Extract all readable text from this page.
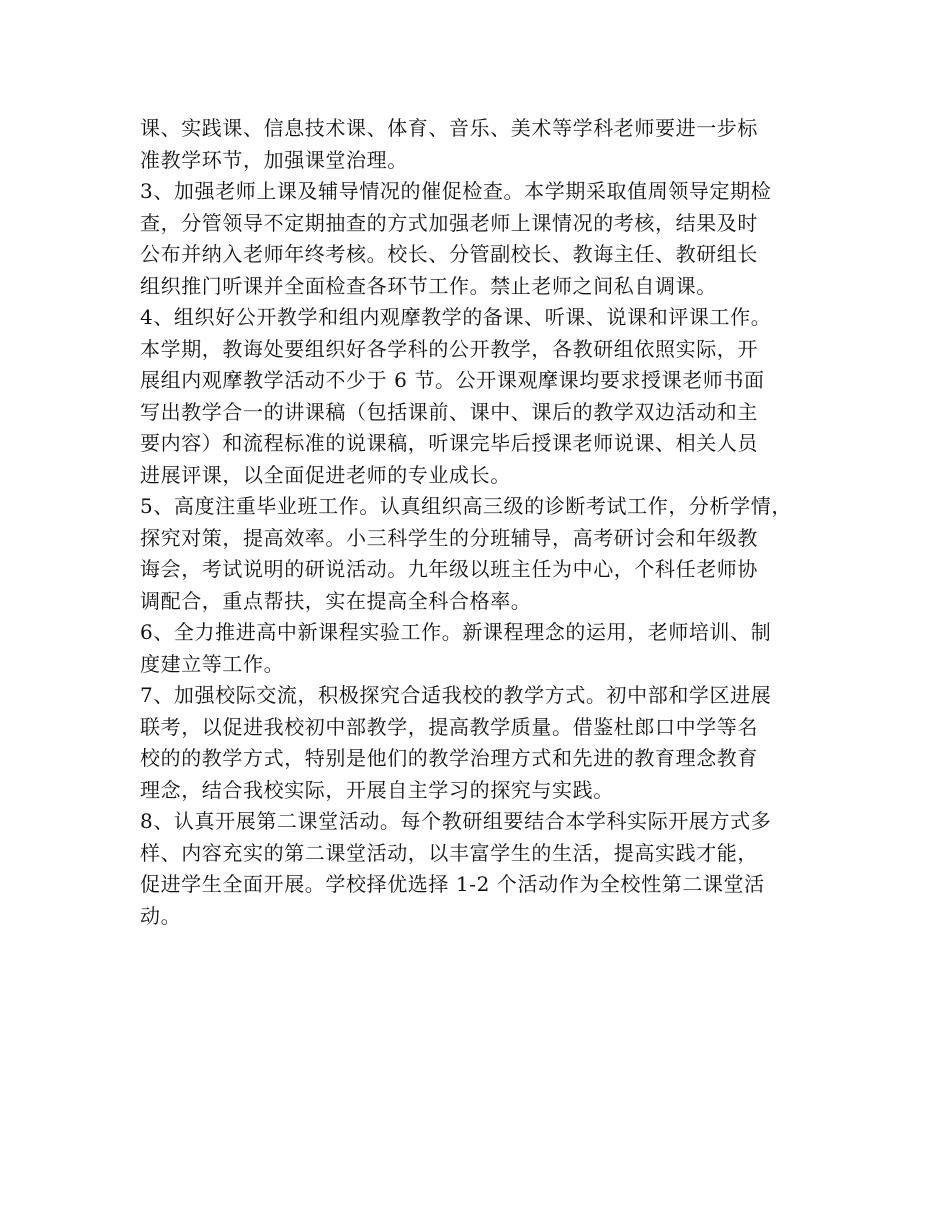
课、实践课、信息技术课、体育、音乐、美术等学科老师要进一步标
准教学环节，加强课堂治理。

3、加强老师上课及辅导情况的催促检查。本学期采取值周领导定期检
查，分管领导不定期抽查的方式加强老师上课情况的考核，结果及时
公布并纳入老师年终考核。校长、分管副校长、教诲主任、教研组长
组织推门听课并全面检查各环节工作。禁止老师之间私自调课。

4、组织好公开教学和组内观摩教学的备课、听课、说课和评课工作。
本学期，教诲处要组织好各学科的公开教学，各教研组依照实际，开
展组内观摩教学活动不少于 6 节。公开课观摩课均要求授课老师书面
写出教学合一的讲课稿（包括课前、课中、课后的教学双边活动和主
要内容）和流程标准的说课稿，听课完毕后授课老师说课、相关人员
进展评课，以全面促进老师的专业成长。

5、高度注重毕业班工作。认真组织高三级的诊断考试工作，分析学情，
探究对策，提高效率。小三科学生的分班辅导，高考研讨会和年级教
诲会，考试说明的研说活动。九年级以班主任为中心，个科任老师协
调配合，重点帮扶，实在提高全科合格率。

6、全力推进高中新课程实验工作。新课程理念的运用，老师培训、制
度建立等工作。

7、加强校际交流，积极探究合适我校的教学方式。初中部和学区进展
联考，以促进我校初中部教学，提高教学质量。借鉴杜郎口中学等名
校的的教学方式，特别是他们的教学治理方式和先进的教育理念教育
理念，结合我校实际，开展自主学习的探究与实践。

8、认真开展第二课堂活动。每个教研组要结合本学科实际开展方式多
样、内容充实的第二课堂活动，以丰富学生的生活，提高实践才能，
促进学生全面开展。学校择优选择 1-2 个活动作为全校性第二课堂活
动。
